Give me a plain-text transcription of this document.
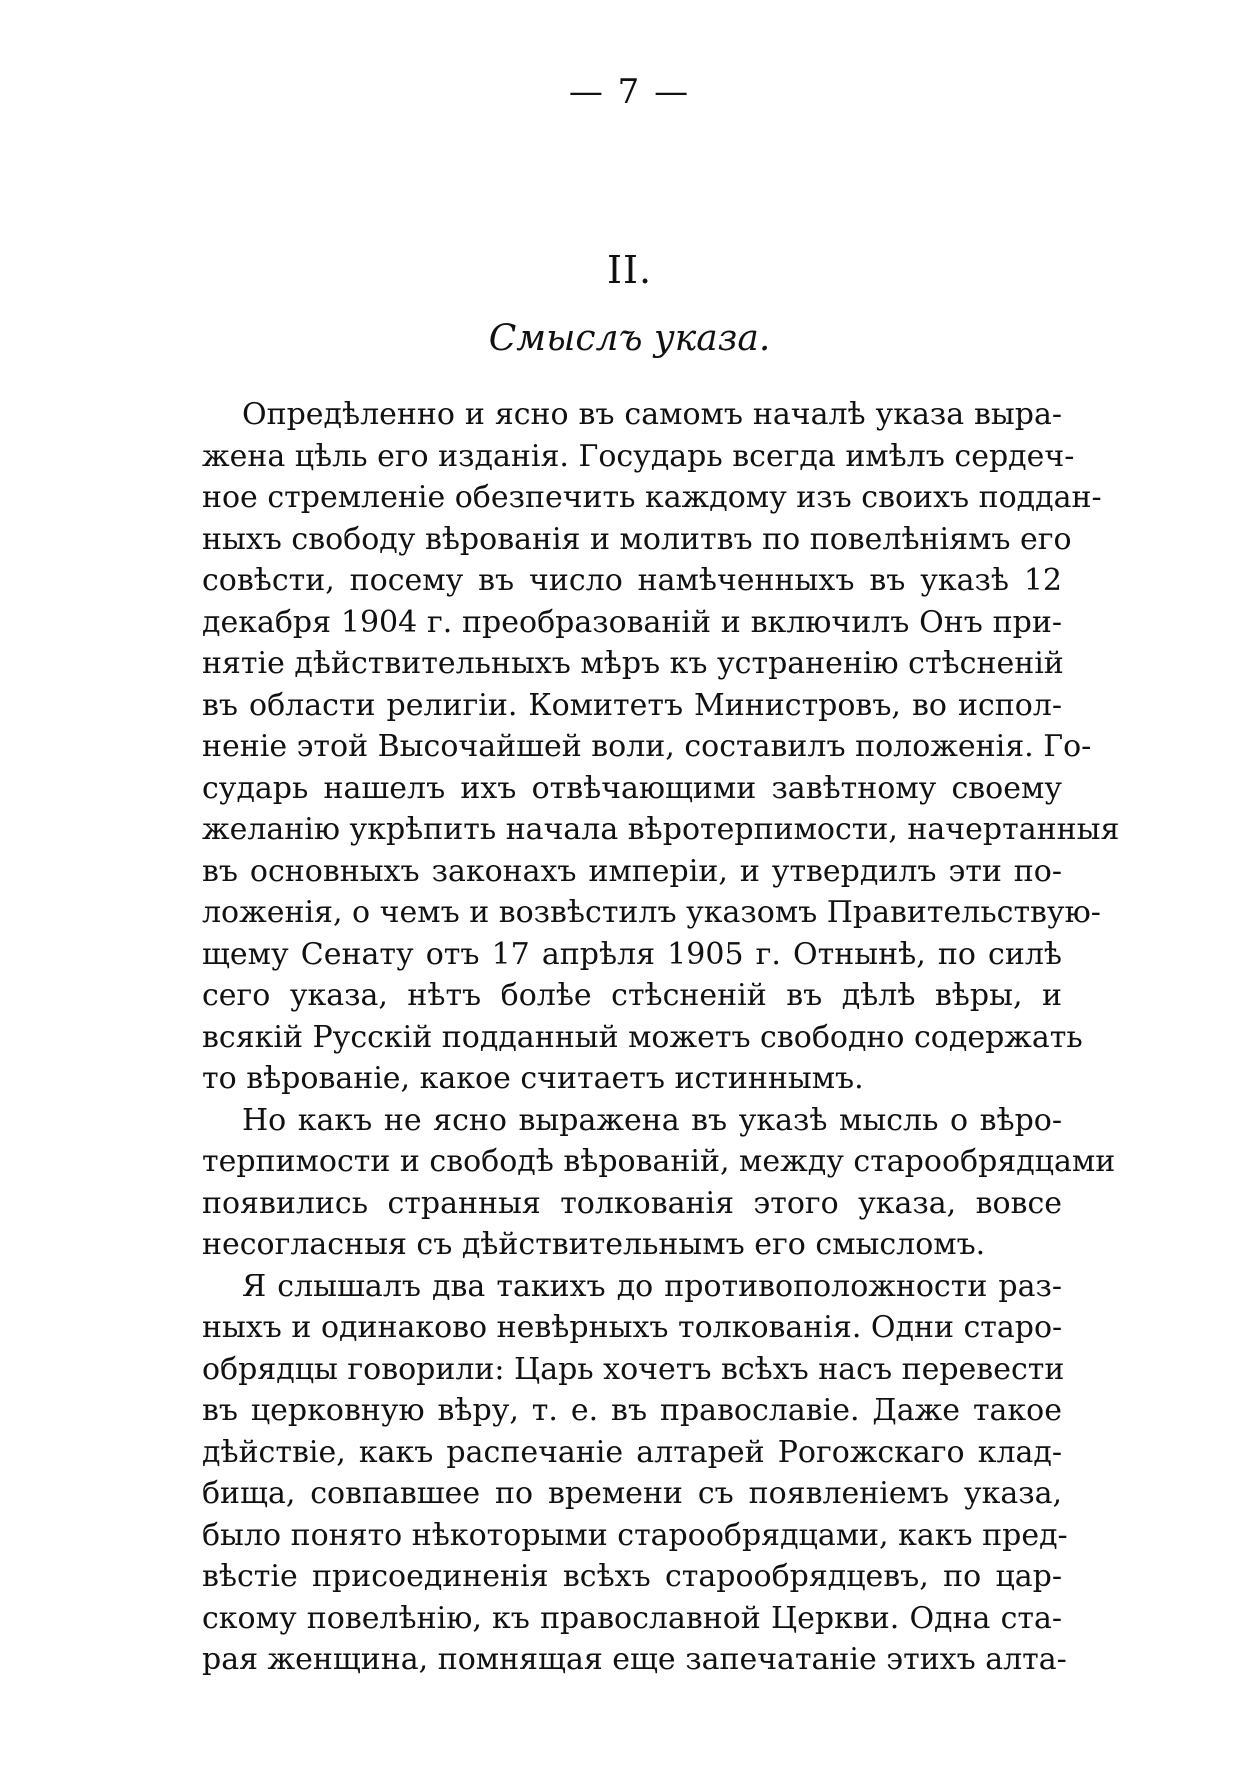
— 7 —
II.
Смыслъ указа.
Опредѣленно и ясно въ самомъ началѣ указа выра-
жена цѣль его изданія. Государь всегда имѣлъ сердеч-
ное стремленіе обезпечить каждому изъ своихъ поддан-
ныхъ свободу вѣрованія и молитвъ по повелѣніямъ его
совѣсти, посему въ число намѣченныхъ въ указѣ 12
декабря 1904 г. преобразованій и включилъ Онъ при-
нятіе дѣйствительныхъ мѣръ къ устраненію стѣсненій
въ области религіи. Комитетъ Министровъ, во испол-
неніе этой Высочайшей воли, составилъ положенія. Го-
сударь нашелъ ихъ отвѣчающими завѣтному своему
желанію укрѣпить начала вѣротерпимости, начертанныя
въ основныхъ законахъ имперіи, и утвердилъ эти по-
ложенія, о чемъ и возвѣстилъ указомъ Правительствую-
щему Сенату отъ 17 апрѣля 1905 г. Отнынѣ, по силѣ
сего указа, нѣтъ болѣе стѣсненій въ дѣлѣ вѣры, и
всякій Русскій подданный можетъ свободно содержать
то вѣрованіе, какое считаетъ истиннымъ.
Но какъ не ясно выражена въ указѣ мысль о вѣро-
терпимости и свободѣ вѣрованій, между старообрядцами
появились странныя толкованія этого указа, вовсе
несогласныя съ дѣйствительнымъ его смысломъ.
Я слышалъ два такихъ до противоположности раз-
ныхъ и одинаково невѣрныхъ толкованія. Одни старо-
обрядцы говорили: Царь хочетъ всѣхъ насъ перевести
въ церковную вѣру, т. е. въ православіе. Даже такое
дѣйствіе, какъ распечаніе алтарей Рогожскаго клад-
бища, совпавшее по времени съ появленіемъ указа,
было понято нѣкоторыми старообрядцами, какъ пред-
вѣстіе присоединенія всѣхъ старообрядцевъ, по цар-
скому повелѣнію, къ православной Церкви. Одна ста-
рая женщина, помнящая еще запечатаніе этихъ алта-
